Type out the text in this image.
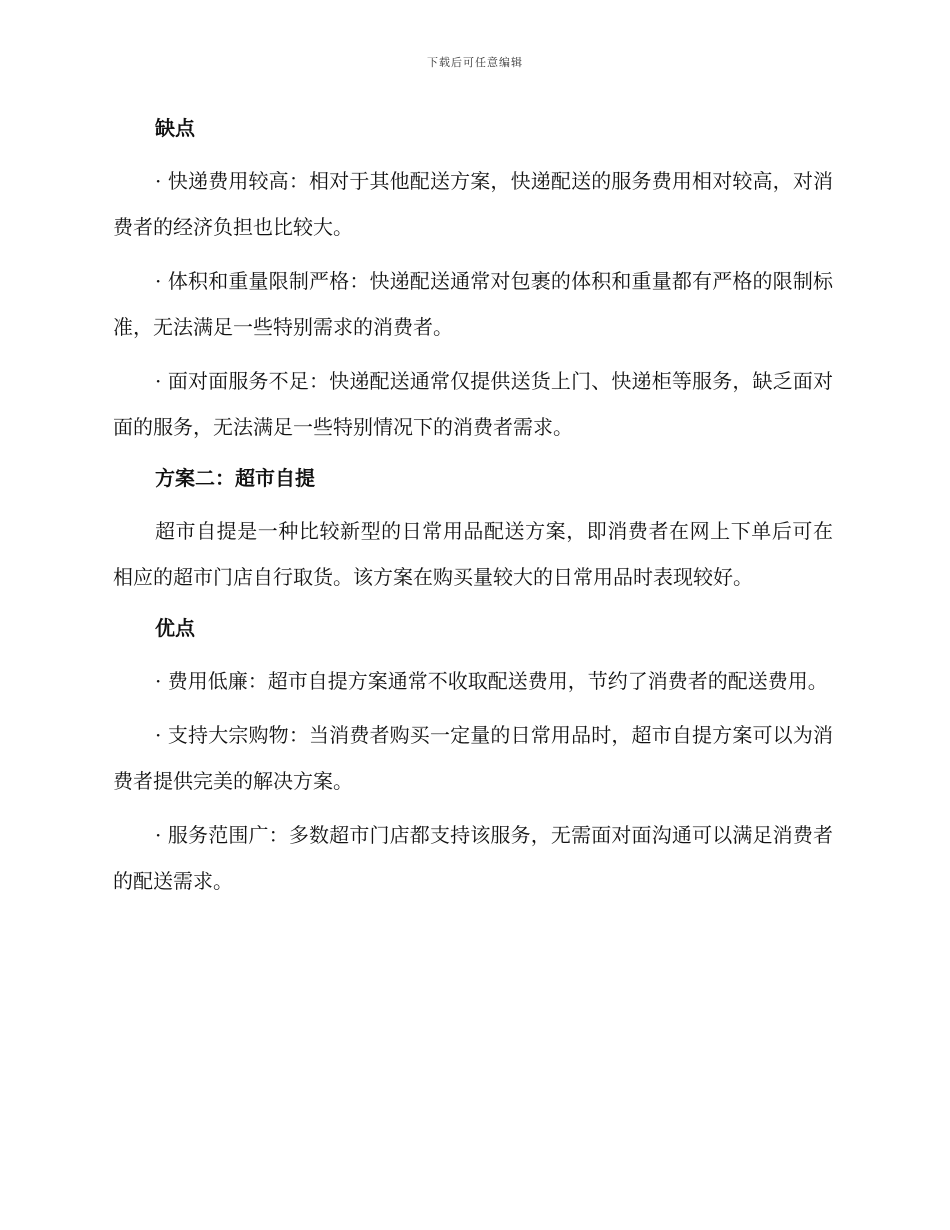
下载后可任意编辑
缺点

· 快递费用较高：相对于其他配送方案，快递配送的服务费用相对较高，对消费者的经济负担也比较大。

· 体积和重量限制严格：快递配送通常对包裹的体积和重量都有严格的限制标准，无法满足一些特别需求的消费者。

· 面对面服务不足：快递配送通常仅提供送货上门、快递柜等服务，缺乏面对面的服务，无法满足一些特别情况下的消费者需求。

方案二：超市自提

超市自提是一种比较新型的日常用品配送方案，即消费者在网上下单后可在相应的超市门店自行取货。该方案在购买量较大的日常用品时表现较好。

优点

· 费用低廉：超市自提方案通常不收取配送费用，节约了消费者的配送费用。

· 支持大宗购物：当消费者购买一定量的日常用品时，超市自提方案可以为消费者提供完美的解决方案。

· 服务范围广：多数超市门店都支持该服务，无需面对面沟通可以满足消费者的配送需求。
